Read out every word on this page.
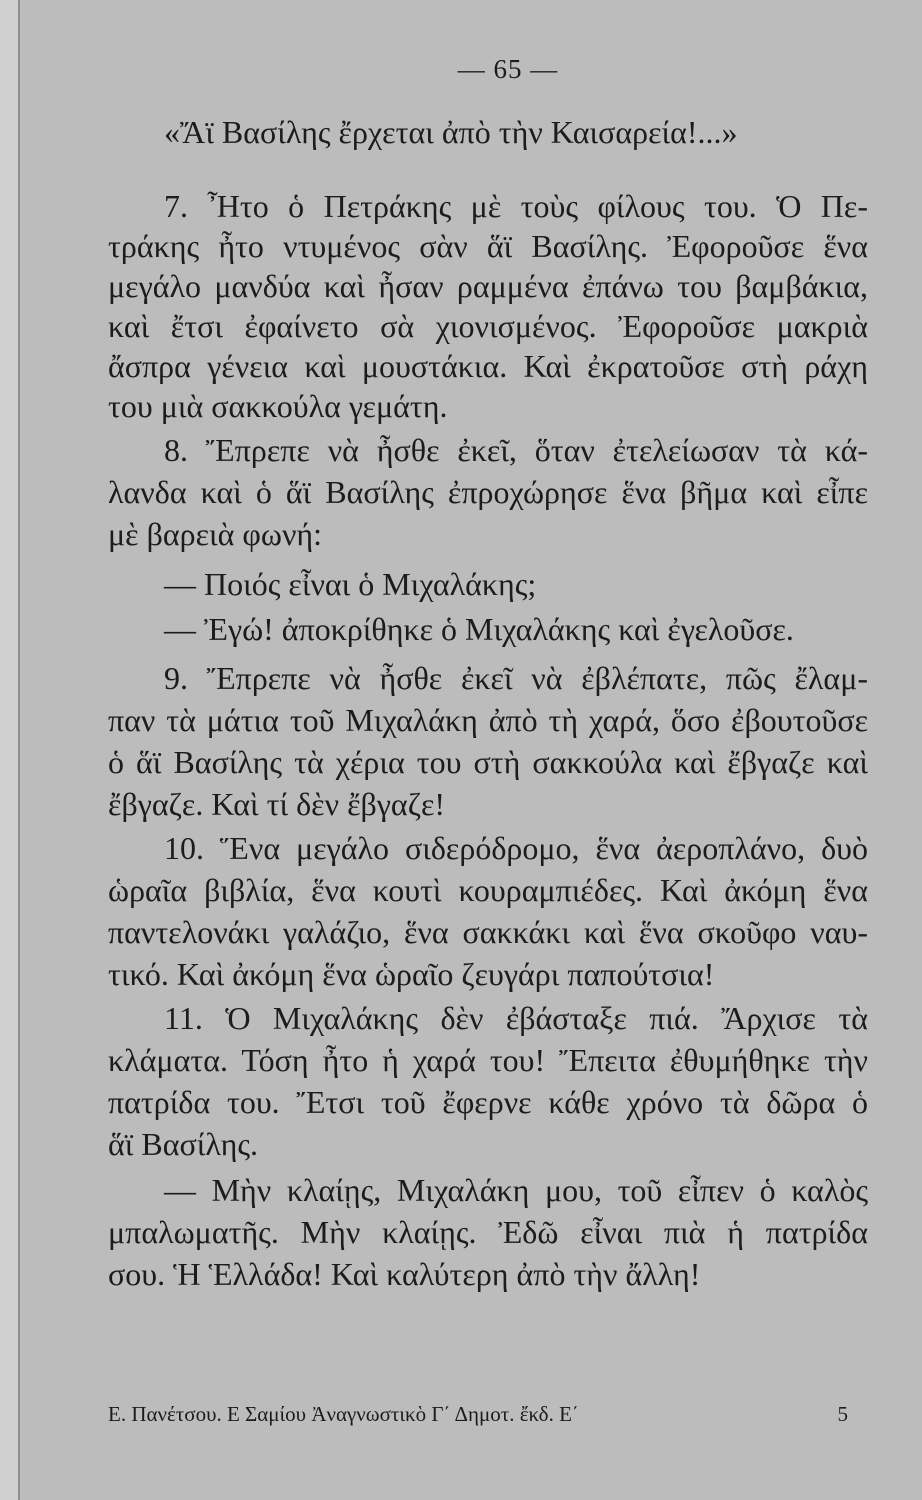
— 65 —
«Ἄϊ Βασίλης ἔρχεται ἀπὸ τὴν Καισαρεία!...»
7. Ἦτο ὁ Πετράκης μὲ τοὺς φίλους του. Ὁ Πε-
τράκης ἦτο ντυμένος σὰν ἅϊ Βασίλης. Ἐφοροῦσε ἕνα
μεγάλο μανδύα καὶ ἦσαν ραμμένα ἐπάνω του βαμβάκια,
καὶ ἔτσι ἐφαίνετο σὰ χιονισμένος. Ἐφοροῦσε μακριὰ
ἄσπρα γένεια καὶ μουστάκια. Καὶ ἐκρατοῦσε στὴ ράχη
του μιὰ σακκούλα γεμάτη.
8. Ἔπρεπε νὰ ἦσθε ἐκεῖ, ὅταν ἐτελείωσαν τὰ κά-
λανδα καὶ ὁ ἅϊ Βασίλης ἐπροχώρησε ἕνα βῆμα καὶ εἶπε
μὲ βαρειὰ φωνή:
— Ποιός εἶναι ὁ Μιχαλάκης;
— Ἐγώ! ἀποκρίθηκε ὁ Μιχαλάκης καὶ ἐγελοῦσε.
9. Ἔπρεπε νὰ ἦσθε ἐκεῖ νὰ ἐβλέπατε, πῶς ἔλαμ-
παν τὰ μάτια τοῦ Μιχαλάκη ἀπὸ τὴ χαρά, ὅσο ἐβουτοῦσε
ὁ ἅϊ Βασίλης τὰ χέρια του στὴ σακκούλα καὶ ἔβγαζε καὶ
ἔβγαζε. Καὶ τί δὲν ἔβγαζε!
10. Ἕνα μεγάλο σιδερόδρομο, ἕνα ἀεροπλάνο, δυὸ
ὡραῖα βιβλία, ἕνα κουτὶ κουραμπιέδες. Καὶ ἀκόμη ἕνα
παντελονάκι γαλάζιο, ἕνα σακκάκι καὶ ἕνα σκοῦφο ναυ-
τικό. Καὶ ἀκόμη ἕνα ὡραῖο ζευγάρι παπούτσια!
11. Ὁ Μιχαλάκης δὲν ἐβάσταξε πιά. Ἄρχισε τὰ
κλάματα. Τόση ἦτο ἡ χαρά του! Ἔπειτα ἐθυμήθηκε τὴν
πατρίδα του. Ἔτσι τοῦ ἔφερνε κάθε χρόνο τὰ δῶρα ὁ
ἅϊ Βασίλης.
— Μὴν κλαίῃς, Μιχαλάκη μου, τοῦ εἶπεν ὁ καλὸς
μπαλωματῆς. Μὴν κλαίῃς. Ἐδῶ εἶναι πιὰ ἡ πατρίδα
σου. Ἡ Ἑλλάδα! Καὶ καλύτερη ἀπὸ τὴν ἄλλη!
Ε. Πανέτσου. Ε Σαμίου Ἀναγνωστικὸ Γ΄ Δημοτ. ἔκδ. Ε΄	5
